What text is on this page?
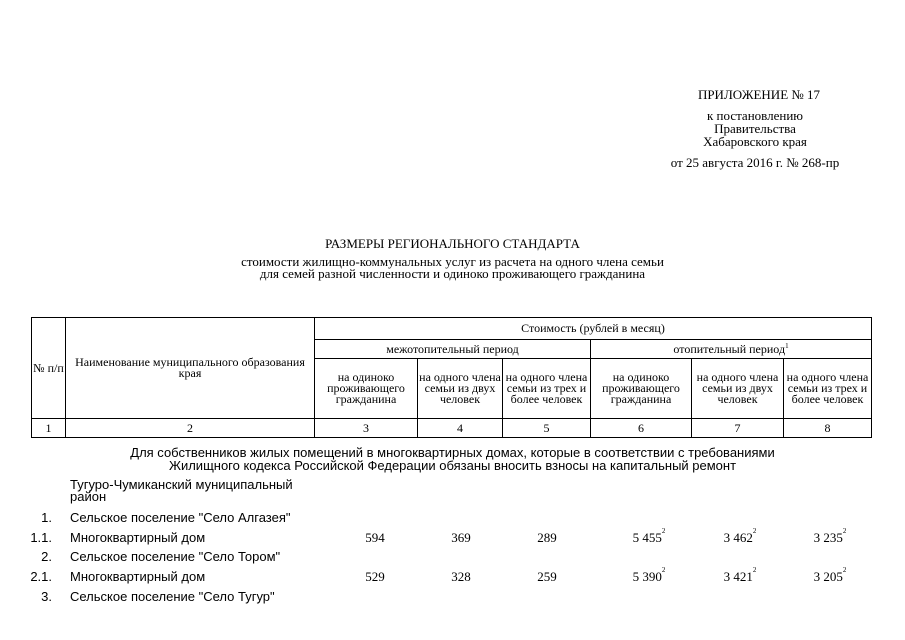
ПРИЛОЖЕНИЕ № 17
к постановлению
Правительства
Хабаровского края
от 25 августа 2016 г. № 268-пр
РАЗМЕРЫ РЕГИОНАЛЬНОГО СТАНДАРТА
стоимости жилищно-коммунальных услуг из расчета на одного члена семьи
для семей разной численности и одиноко проживающего гражданина
№ п/п	Наименование муниципального образования края	Стоимость (рублей в месяц)					
		межотопительный период			отопительный период$^1$
		на одиноко проживающего гражданина	на одного члена семьи из двух человек	на одного члена семьи из трех и более человек	на одиноко проживающего гражданина	на одного члена семьи из двух человек	на одного члена семьи из трех и более человек
1	2	3	4	5	6	7	8
Для собственников жилых помещений в многоквартирных домах, которые в соответствии с требованиями
Жилищного кодекса Российской Федерации обязаны вносить взносы на капитальный ремонт
Тугуро-Чумиканский муниципальный
район
1. Сельское поселение "Село Алгазея"
1.1. Многоквартирный дом	594	369	289	5 $455^2$	3 $462^2$	3 $235^2$
2. Сельское поселение "Село Тором"
2.1. Многоквартирный дом	529	328	259	5 $390^2$	3 $421^2$	3 $205^2$
3. Сельское поселение "Село Тугур"
